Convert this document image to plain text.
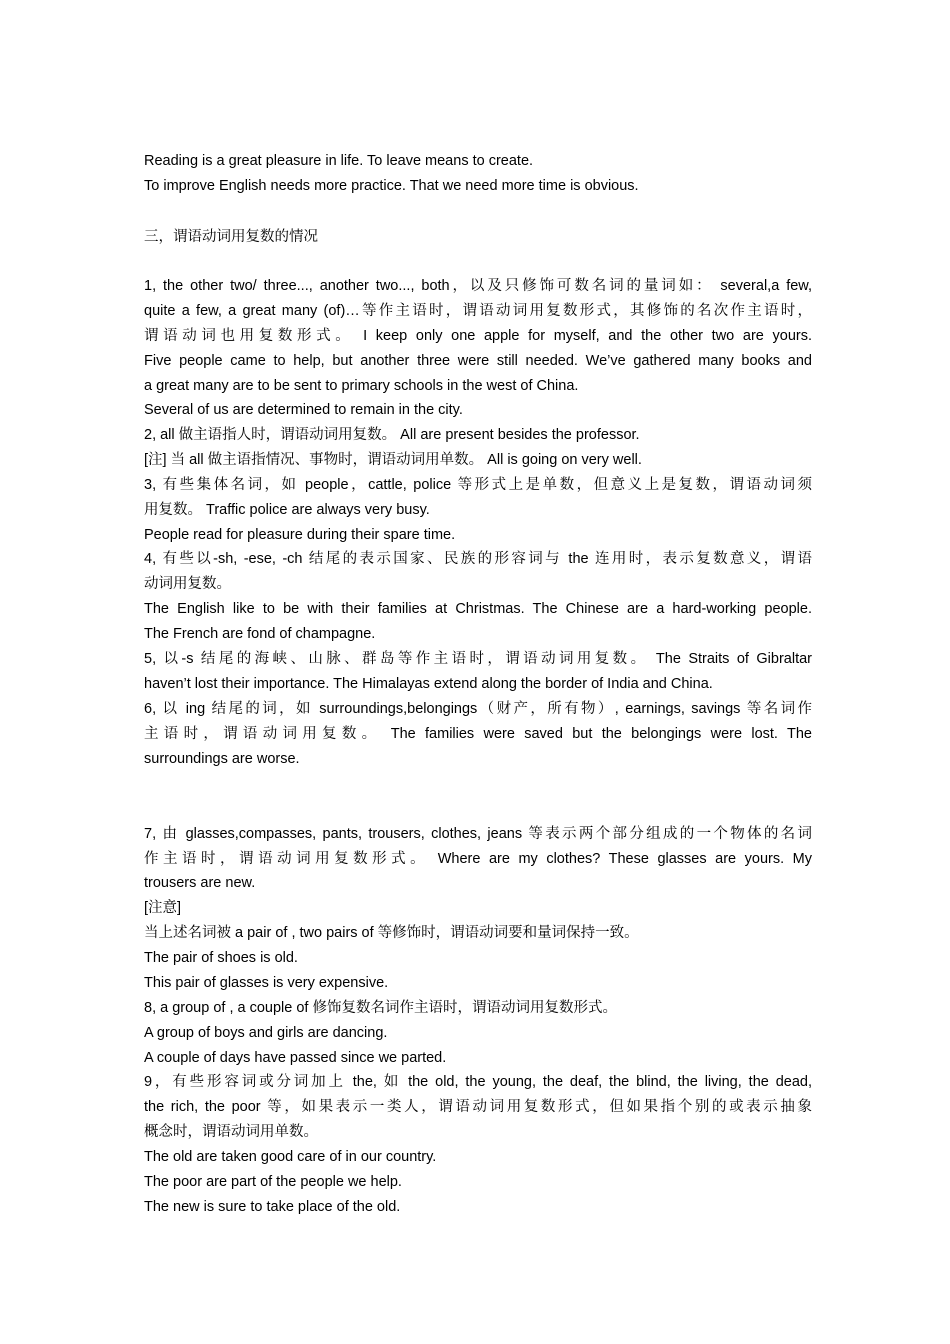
Reading is a great pleasure in life. To leave means to create.
To improve English needs more practice. That we need more time is obvious.
三，谓语动词用复数的情况
1, the other two/ three..., another two..., both，以及只修饰可数名词的量词如： several,a few,
quite a few, a great many (of)…等作主语时，谓语动词用复数形式，其修饰的名次作主语时，
谓语动词也用复数形式。 I keep only one apple for myself, and the other two are yours.
Five people came to help, but another three were still needed. We’ve gathered many books and
a great many are to be sent to primary schools in the west of China.
Several of us are determined to remain in the city.
2, all 做主语指人时，谓语动词用复数。 All are present besides the professor.
[注] 当 all 做主语指情况、事物时，谓语动词用单数。 All is going on very well.
3, 有些集体名词，如 people，cattle, police 等形式上是单数，但意义上是复数，谓语动词须
用复数。 Traffic police are always very busy.
People read for pleasure during their spare time.
4, 有些以-sh, -ese, -ch 结尾的表示国家、民族的形容词与 the 连用时，表示复数意义，谓语
动词用复数。
The English like to be with their families at Christmas. The Chinese are a hard-working people.
The French are fond of champagne.
5, 以-s 结尾的海峡、山脉、群岛等作主语时，谓语动词用复数。 The Straits of Gibraltar
haven’t lost their importance. The Himalayas extend along the border of India and China.
6, 以 ing 结尾的词，如 surroundings,belongings（财产，所有物）, earnings, savings 等名词作
主语时，谓语动词用复数。 The families were saved but the belongings were lost. The
surroundings are worse.
7, 由 glasses,compasses, pants, trousers, clothes, jeans 等表示两个部分组成的一个物体的名词
作主语时，谓语动词用复数形式。 Where are my clothes? These glasses are yours. My
trousers are new.
[注意]
当上述名词被 a pair of , two pairs of 等修饰时，谓语动词要和量词保持一致。
The pair of shoes is old.
This pair of glasses is very expensive.
8, a group of , a couple of 修饰复数名词作主语时，谓语动词用复数形式。
A group of boys and girls are dancing.
A couple of days have passed since we parted.
9，有些形容词或分词加上 the, 如 the old, the young, the deaf, the blind, the living, the dead,
the rich, the poor 等，如果表示一类人，谓语动词用复数形式，但如果指个别的或表示抽象
概念时，谓语动词用单数。
The old are taken good care of in our country.
The poor are part of the people we help.
The new is sure to take place of the old.
